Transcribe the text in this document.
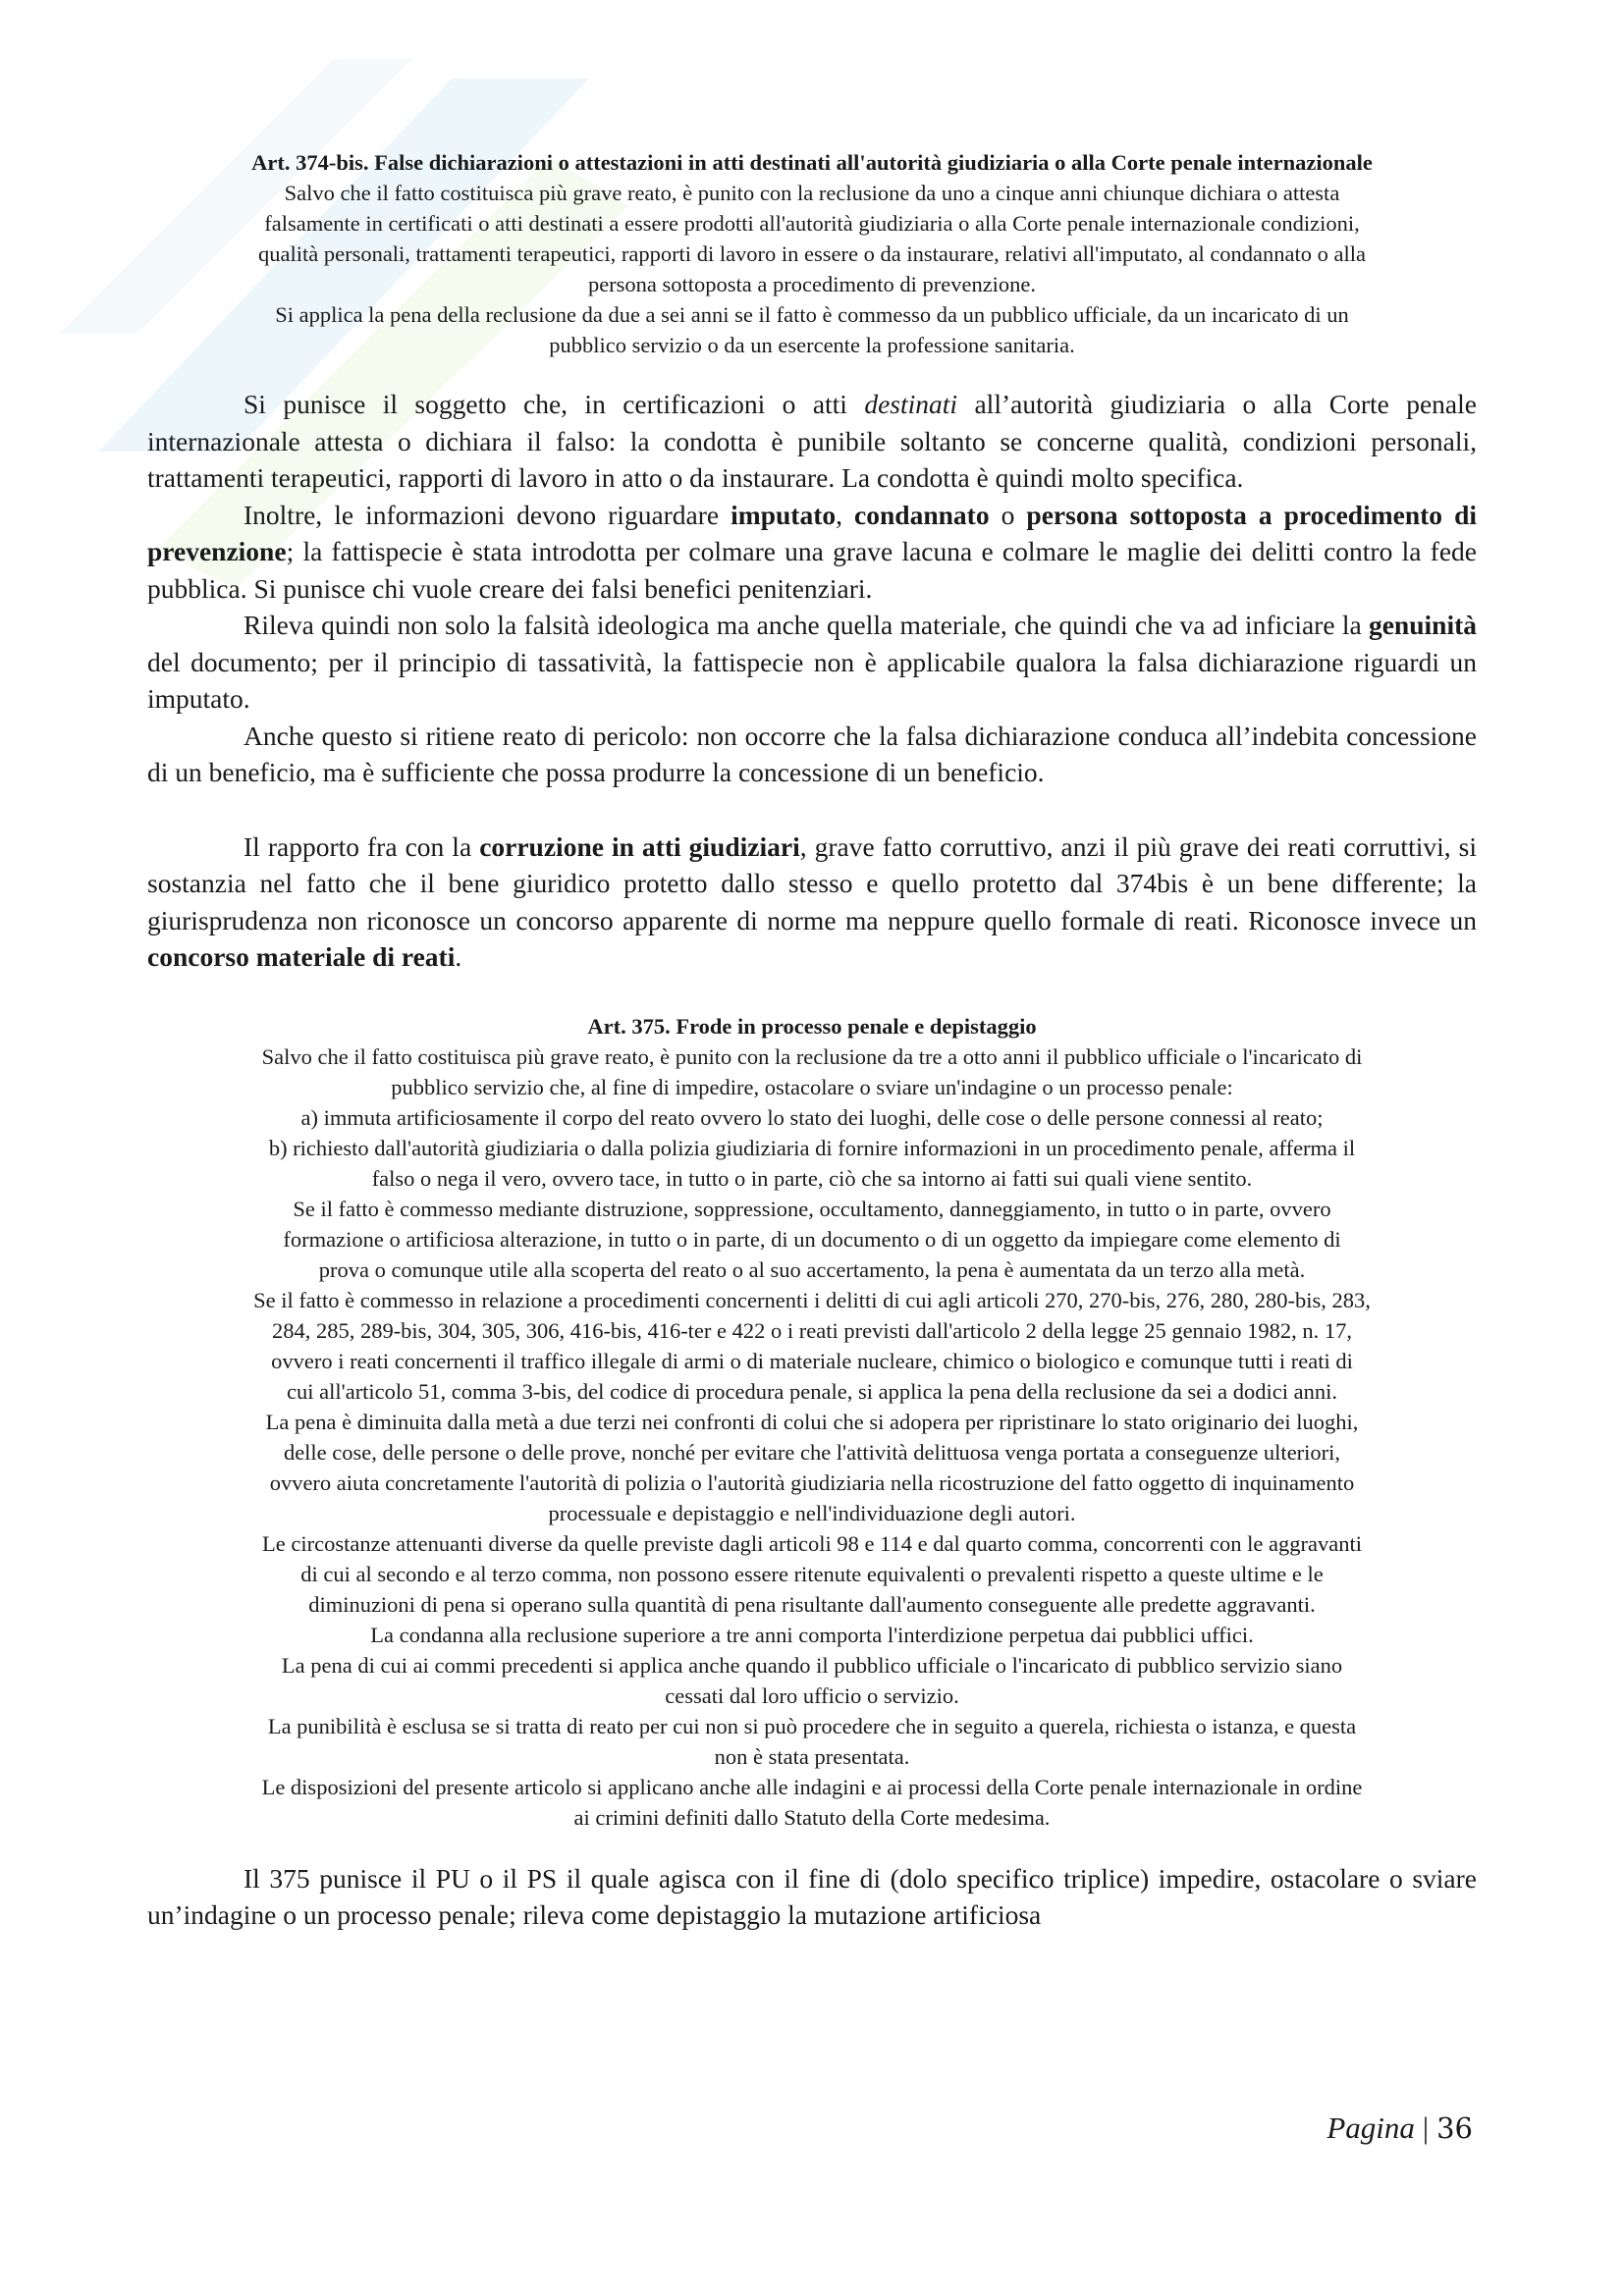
Art. 374-bis. False dichiarazioni o attestazioni in atti destinati all'autorità giudiziaria o alla Corte penale internazionale
Salvo che il fatto costituisca più grave reato, è punito con la reclusione da uno a cinque anni chiunque dichiara o attesta
falsamente in certificati o atti destinati a essere prodotti all'autorità giudiziaria o alla Corte penale internazionale condizioni,
qualità personali, trattamenti terapeutici, rapporti di lavoro in essere o da instaurare, relativi all'imputato, al condannato o alla
persona sottoposta a procedimento di prevenzione.
Si applica la pena della reclusione da due a sei anni se il fatto è commesso da un pubblico ufficiale, da un incaricato di un
pubblico servizio o da un esercente la professione sanitaria.

Si punisce il soggetto che, in certificazioni o atti destinati all’autorità giudiziaria o alla Corte penale internazionale attesta o dichiara il falso: la condotta è punibile soltanto se concerne qualità, condizioni personali, trattamenti terapeutici, rapporti di lavoro in atto o da instaurare. La condotta è quindi molto specifica.

Inoltre, le informazioni devono riguardare imputato, condannato o persona sottoposta a procedimento di prevenzione; la fattispecie è stata introdotta per colmare una grave lacuna e colmare le maglie dei delitti contro la fede pubblica. Si punisce chi vuole creare dei falsi benefici penitenziari.

Rileva quindi non solo la falsità ideologica ma anche quella materiale, che quindi che va ad inficiare la genuinità del documento; per il principio di tassatività, la fattispecie non è applicabile qualora la falsa dichiarazione riguardi un imputato.

Anche questo si ritiene reato di pericolo: non occorre che la falsa dichiarazione conduca all’indebita concessione di un beneficio, ma è sufficiente che possa produrre la concessione di un beneficio.

Il rapporto fra con la corruzione in atti giudiziari, grave fatto corruttivo, anzi il più grave dei reati corruttivi, si sostanzia nel fatto che il bene giuridico protetto dallo stesso e quello protetto dal 374bis è un bene differente; la giurisprudenza non riconosce un concorso apparente di norme ma neppure quello formale di reati. Riconosce invece un concorso materiale di reati.

Art. 375. Frode in processo penale e depistaggio
Salvo che il fatto costituisca più grave reato, è punito con la reclusione da tre a otto anni il pubblico ufficiale o l'incaricato di
pubblico servizio che, al fine di impedire, ostacolare o sviare un'indagine o un processo penale:
a) immuta artificiosamente il corpo del reato ovvero lo stato dei luoghi, delle cose o delle persone connessi al reato;
b) richiesto dall'autorità giudiziaria o dalla polizia giudiziaria di fornire informazioni in un procedimento penale, afferma il
falso o nega il vero, ovvero tace, in tutto o in parte, ciò che sa intorno ai fatti sui quali viene sentito.
Se il fatto è commesso mediante distruzione, soppressione, occultamento, danneggiamento, in tutto o in parte, ovvero
formazione o artificiosa alterazione, in tutto o in parte, di un documento o di un oggetto da impiegare come elemento di
prova o comunque utile alla scoperta del reato o al suo accertamento, la pena è aumentata da un terzo alla metà.
Se il fatto è commesso in relazione a procedimenti concernenti i delitti di cui agli articoli 270, 270-bis, 276, 280, 280-bis, 283,
284, 285, 289-bis, 304, 305, 306, 416-bis, 416-ter e 422 o i reati previsti dall'articolo 2 della legge 25 gennaio 1982, n. 17,
ovvero i reati concernenti il traffico illegale di armi o di materiale nucleare, chimico o biologico e comunque tutti i reati di
cui all'articolo 51, comma 3-bis, del codice di procedura penale, si applica la pena della reclusione da sei a dodici anni.
La pena è diminuita dalla metà a due terzi nei confronti di colui che si adopera per ripristinare lo stato originario dei luoghi,
delle cose, delle persone o delle prove, nonché per evitare che l'attività delittuosa venga portata a conseguenze ulteriori,
ovvero aiuta concretamente l'autorità di polizia o l'autorità giudiziaria nella ricostruzione del fatto oggetto di inquinamento
processuale e depistaggio e nell'individuazione degli autori.
Le circostanze attenuanti diverse da quelle previste dagli articoli 98 e 114 e dal quarto comma, concorrenti con le aggravanti
di cui al secondo e al terzo comma, non possono essere ritenute equivalenti o prevalenti rispetto a queste ultime e le
diminuzioni di pena si operano sulla quantità di pena risultante dall'aumento conseguente alle predette aggravanti.
La condanna alla reclusione superiore a tre anni comporta l'interdizione perpetua dai pubblici uffici.
La pena di cui ai commi precedenti si applica anche quando il pubblico ufficiale o l'incaricato di pubblico servizio siano
cessati dal loro ufficio o servizio.
La punibilità è esclusa se si tratta di reato per cui non si può procedere che in seguito a querela, richiesta o istanza, e questa
non è stata presentata.
Le disposizioni del presente articolo si applicano anche alle indagini e ai processi della Corte penale internazionale in ordine
ai crimini definiti dallo Statuto della Corte medesima.

Il 375 punisce il PU o il PS il quale agisca con il fine di (dolo specifico triplice) impedire, ostacolare o sviare un’indagine o un processo penale; rileva come depistaggio la mutazione artificiosa

Pagina | 36
